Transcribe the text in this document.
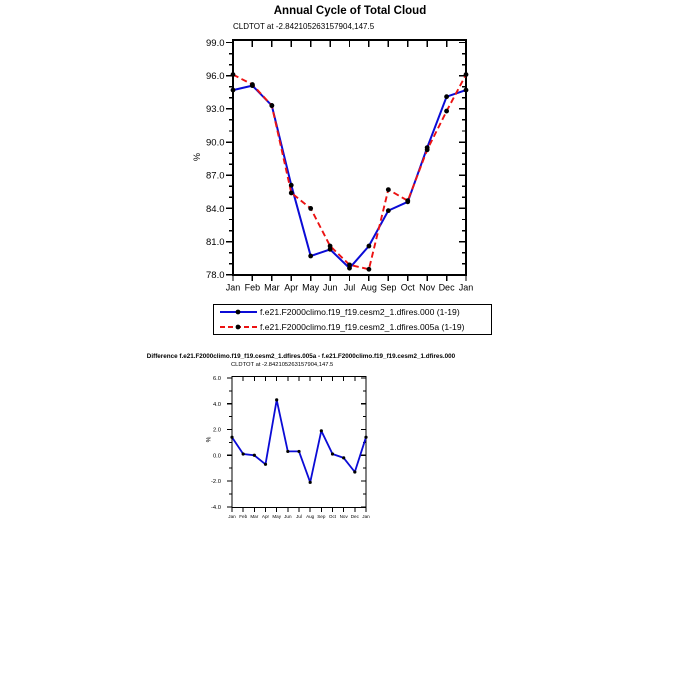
99.0
96.0
93.0
90.0
87.0
84.0
81.0
78.0
Jan Feb Mar Apr May Jun Jul Aug Sep Oct Nov Dec Jan
6.0
4.0
2.0
0.0
-2.0
-4.0
Jan Feb Mar Apr May Jun Jul Aug Sep Oct Nov Dec Jan
Annual Cycle of Total Cloud
CLDTOT at -2.842105263157904,147.5
%
f.e21.F2000climo.f19_f19.cesm2_1.dfires.000 (1-19)
f.e21.F2000climo.f19_f19.cesm2_1.dfires.005a (1-19)
Difference f.e21.F2000climo.f19_f19.cesm2_1.dfires.005a - f.e21.F2000climo.f19_f19.cesm2_1.dfires.000
CLDTOT at -2.842105263157904,147.5
%
